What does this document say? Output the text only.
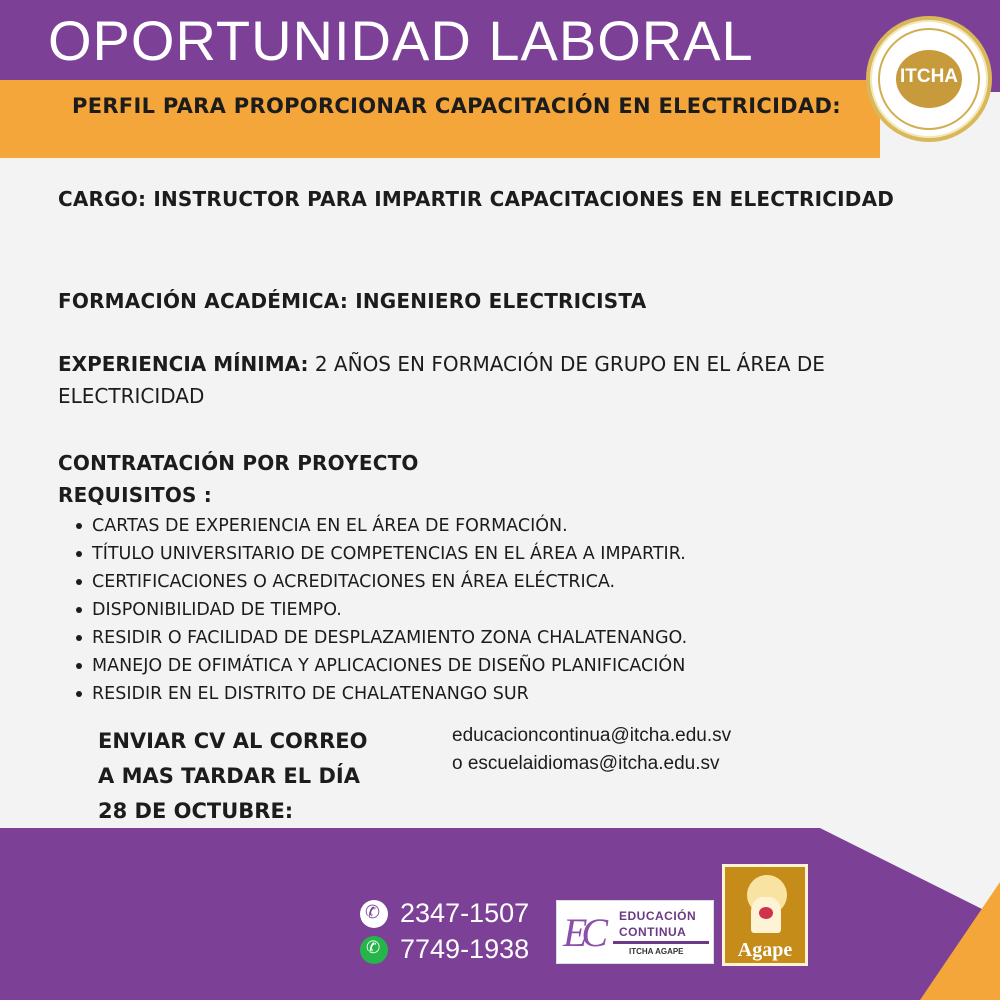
OPORTUNIDAD LABORAL
PERFIL PARA PROPORCIONAR CAPACITACIÓN EN ELECTRICIDAD:
ITCHA
CARGO: INSTRUCTOR PARA IMPARTIR CAPACITACIONES EN ELECTRICIDAD
FORMACIÓN ACADÉMICA: INGENIERO ELECTRICISTA
EXPERIENCIA MÍNIMA: 2 AÑOS EN FORMACIÓN DE GRUPO EN EL ÁREA DE ELECTRICIDAD
CONTRATACIÓN POR PROYECTO
REQUISITOS :
CARTAS DE EXPERIENCIA EN EL ÁREA DE FORMACIÓN.
TÍTULO UNIVERSITARIO DE COMPETENCIAS EN EL ÁREA A IMPARTIR.
CERTIFICACIONES O ACREDITACIONES EN ÁREA ELÉCTRICA.
DISPONIBILIDAD DE TIEMPO.
RESIDIR O FACILIDAD DE DESPLAZAMIENTO ZONA CHALATENANGO.
MANEJO DE OFIMÁTICA Y APLICACIONES DE DISEÑO PLANIFICACIÓN
RESIDIR EN EL DISTRITO DE CHALATENANGO SUR
ENVIAR CV AL CORREO
A MAS TARDAR EL DÍA
28 DE OCTUBRE:
educacioncontinua@itcha.edu.sv
o escuelaidiomas@itcha.edu.sv
✆2347-1507
✆7749-1938 EC	EDUCACIÓN
CONTINUA
ITCHA AGAPE	Agape
